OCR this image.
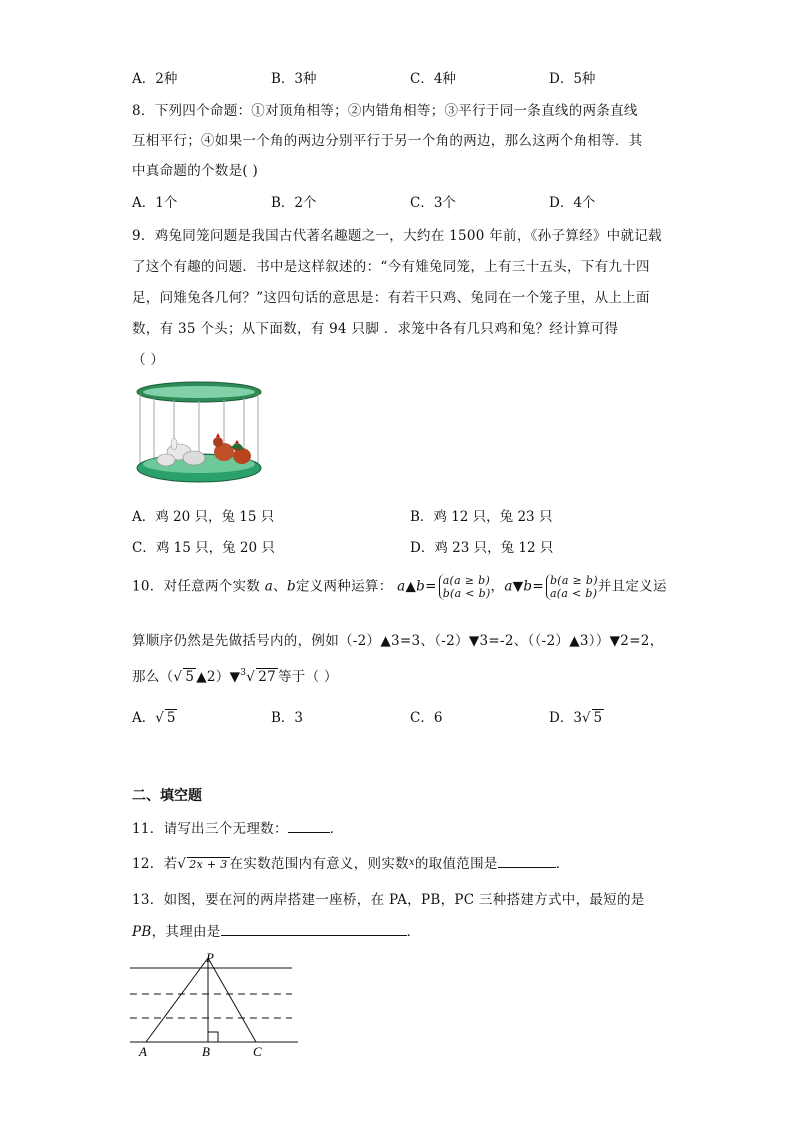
A．2种	B．3种	C．4种	D．5种
8．下列四个命题：①对顶角相等；②内错角相等；③平行于同一条直线的两条直线
互相平行；④如果一个角的两边分别平行于另一个角的两边，那么这两个角相等．其
中真命题的个数是( )
A．1个	B．2个	C．3个	D．4个
9．鸡兔同笼问题是我国古代著名趣题之一，大约在 1500 年前，《孙子算经》中就记载
了这个有趣的问题．书中是这样叙述的：“今有雉兔同笼，上有三十五头，下有九十四
足，问雉兔各几何？”这四句话的意思是：有若干只鸡、兔同在一个笼子里，从上上面
数，有 35 个头；从下面数，有 94 只脚 ．求笼中各有几只鸡和兔？经计算可得
（ ）
A．鸡 20 只，兔 15 只	B．鸡 12 只，兔 23 只
C．鸡 15 只，兔 20 只	D．鸡 23 只，兔 12 只
10．对任意两个实数 a、b定义两种运算： a▲b= a(a ≥ b)
b(a < b)，a▼b= b(a ≥ b)
a(a < b)并且定义运
算顺序仍然是先做括号内的，例如（-2）▲3=3、（-2）▼3=-2、（（-2）▲3））▼2=2，
那么（√ 5 ▲2）▼$^3$√ 27 等于（ ）
A．√ 5	B．3	C．6	D．3√ 5
二、填空题
11．请写出三个无理数：	．
12．若√ 2x + 3 在实数范围内有意义，则实数$^x$的取值范围是	．
13．如图，要在河的两岸搭建一座桥，在 PA，PB，PC 三种搭建方式中，最短的是
PB，其理由是	．
P
A	B	C
